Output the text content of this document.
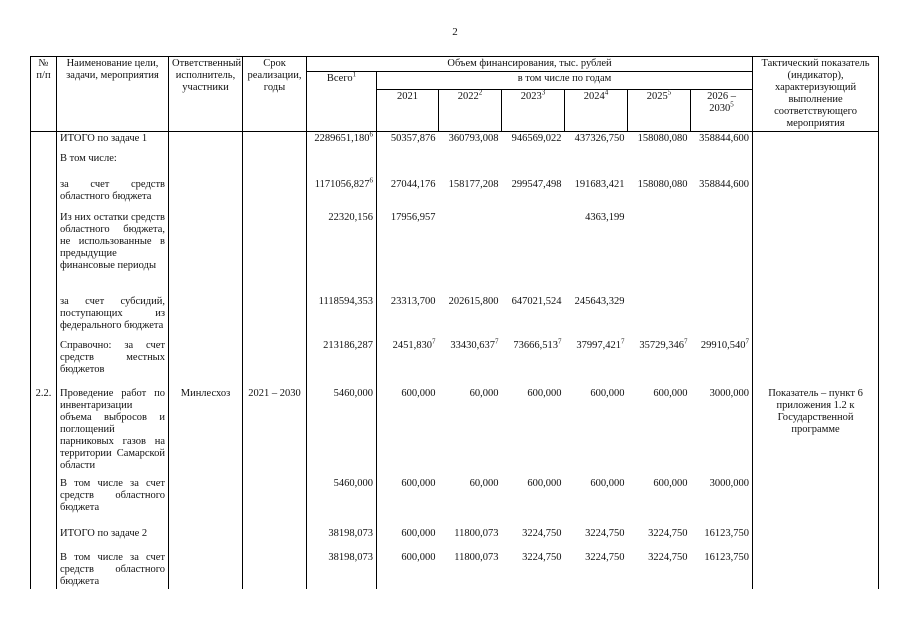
2
№ п/п	Наименование цели, задачи, мероприятия	Ответственный исполнитель, участники	Срок реализации, годы	Объем финансирования, тыс. рублей							Тактический показатель (индикатор), характеризующий выполнение соответствующего мероприятия
				Всего$^1$	в том числе по годам						
					2021	2022$^2$	2023$^3$	2024$^4$	2025$^5$	2026 – 2030$^5$
	ИТОГО по задаче 1			2289651,180$^6$	50357,876	360793,008	946569,022	437326,750	158080,080	358844,600	
	В том числе:										
	за счет средств областного бюджета			1171056,827$^6$	27044,176	158177,208	299547,498	191683,421	158080,080	358844,600	
	Из них остатки средств областного бюджета, не использованные в предыдущие финансовые периоды			22320,156	17956,957			4363,199			
	за счет субсидий, поступающих из федерального бюджета			1118594,353	23313,700	202615,800	647021,524	245643,329			
	Справочно: за счет средств местных бюджетов			213186,287	2451,830$^7$	33430,637$^7$	73666,513$^7$	37997,421$^7$	35729,346$^7$	29910,540$^7$	
2.2.	Проведение работ по инвентаризации объема выбросов и поглощений парниковых газов на территории Самарской области	Минлесхоз	2021 – 2030	5460,000	600,000	60,000	600,000	600,000	600,000	3000,000	Показатель – пункт 6 приложения 1.2 к Государственной программе
	В том числе за счет средств областного бюджета			5460,000	600,000	60,000	600,000	600,000	600,000	3000,000	
	ИТОГО по задаче 2			38198,073	600,000	11800,073	3224,750	3224,750	3224,750	16123,750	
	В том числе за счет средств областного бюджета			38198,073	600,000	11800,073	3224,750	3224,750	3224,750	16123,750	
